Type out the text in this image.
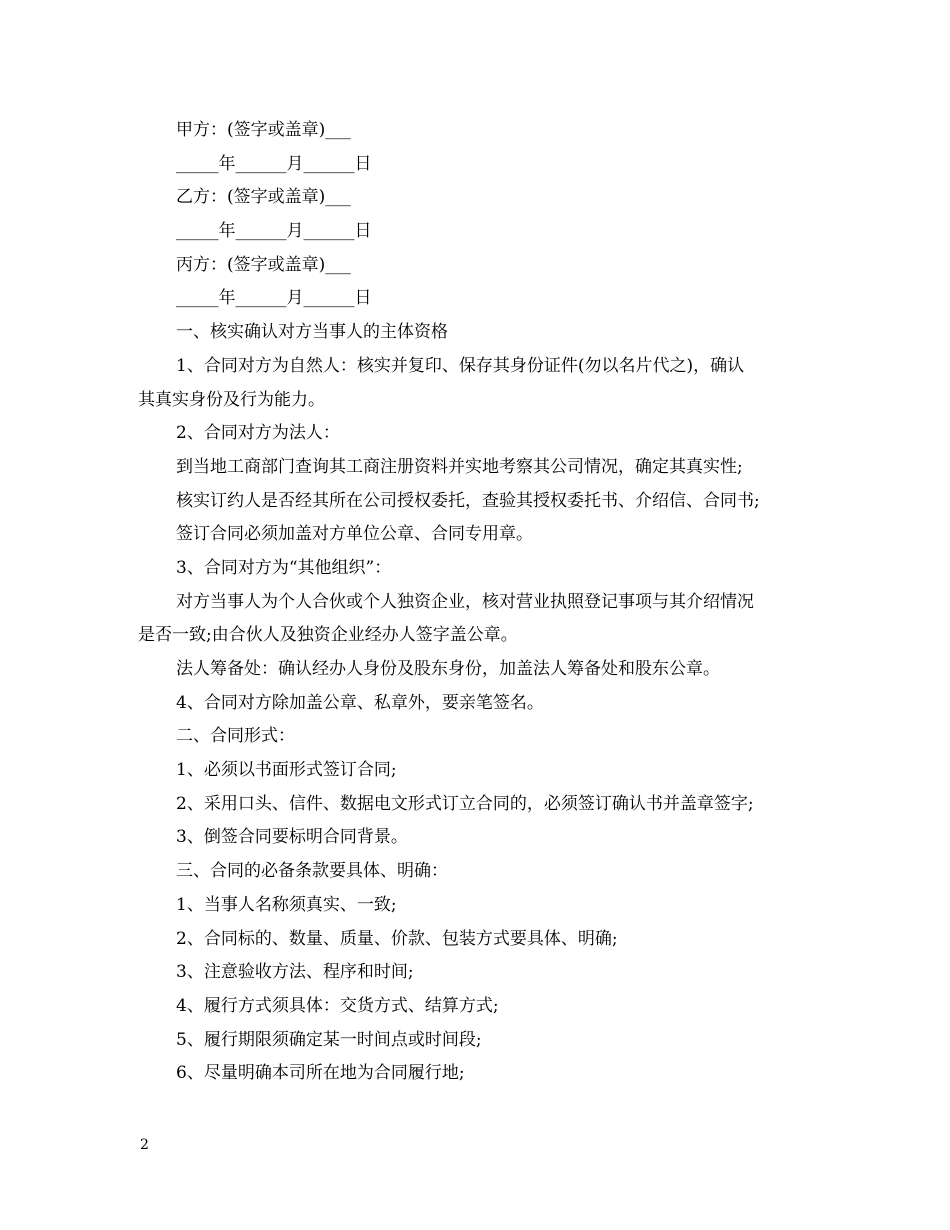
甲方：(签字或盖章)___
_____年______月______日
乙方：(签字或盖章)___
_____年______月______日
丙方：(签字或盖章)___
_____年______月______日
一、核实确认对方当事人的主体资格
1、合同对方为自然人：核实并复印、保存其身份证件(勿以名片代之)，确认
其真实身份及行为能力。
2、合同对方为法人：
到当地工商部门查询其工商注册资料并实地考察其公司情况，确定其真实性;
核实订约人是否经其所在公司授权委托，查验其授权委托书、介绍信、合同书;
签订合同必须加盖对方单位公章、合同专用章。
3、合同对方为“其他组织”：
对方当事人为个人合伙或个人独资企业，核对营业执照登记事项与其介绍情况
是否一致;由合伙人及独资企业经办人签字盖公章。
法人筹备处：确认经办人身份及股东身份，加盖法人筹备处和股东公章。
4、合同对方除加盖公章、私章外，要亲笔签名。
二、合同形式：
1、必须以书面形式签订合同;
2、采用口头、信件、数据电文形式订立合同的，必须签订确认书并盖章签字;
3、倒签合同要标明合同背景。
三、合同的必备条款要具体、明确：
1、当事人名称须真实、一致;
2、合同标的、数量、质量、价款、包装方式要具体、明确;
3、注意验收方法、程序和时间;
4、履行方式须具体：交货方式、结算方式;
5、履行期限须确定某一时间点或时间段;
6、尽量明确本司所在地为合同履行地;
2
